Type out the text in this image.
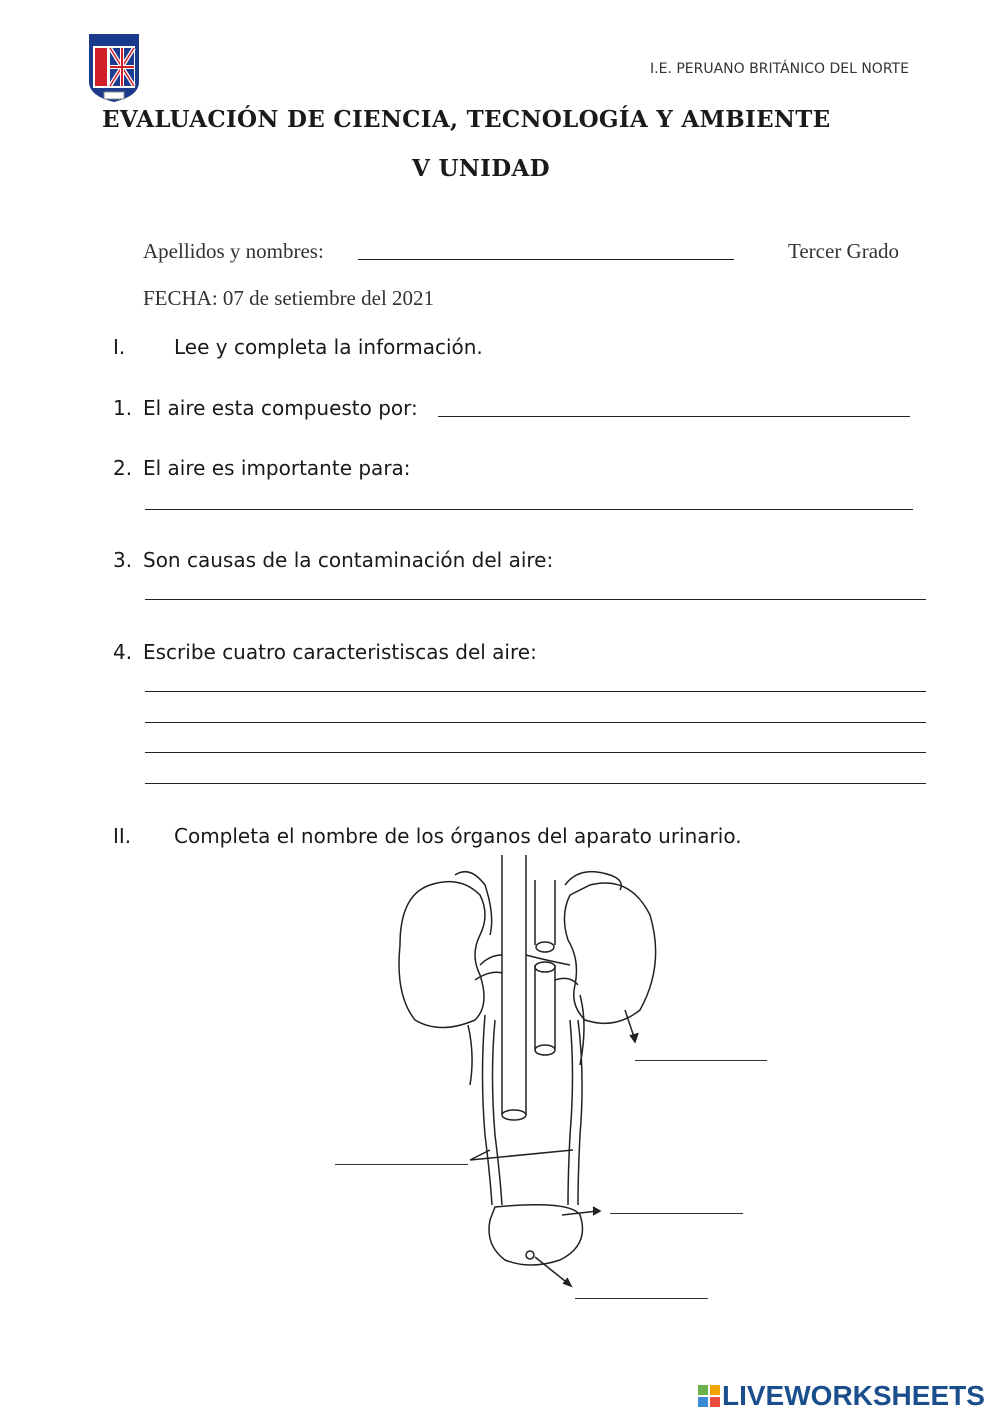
I.E. PERUANO BRITÁNICO DEL NORTE
EVALUACIÓN DE CIENCIA, TECNOLOGÍA Y AMBIENTE
V UNIDAD
Apellidos y nombres:	Tercer Grado
FECHA: 07 de setiembre del 2021
I. Lee y completa la información.
1. El aire esta compuesto por:
2. El aire es importante para:
3. Son causas de la contaminación del aire:
4. Escribe cuatro caracteristiscas del aire:
II. Completa el nombre de los órganos del aparato urinario.
LIVEWORKSHEETS
